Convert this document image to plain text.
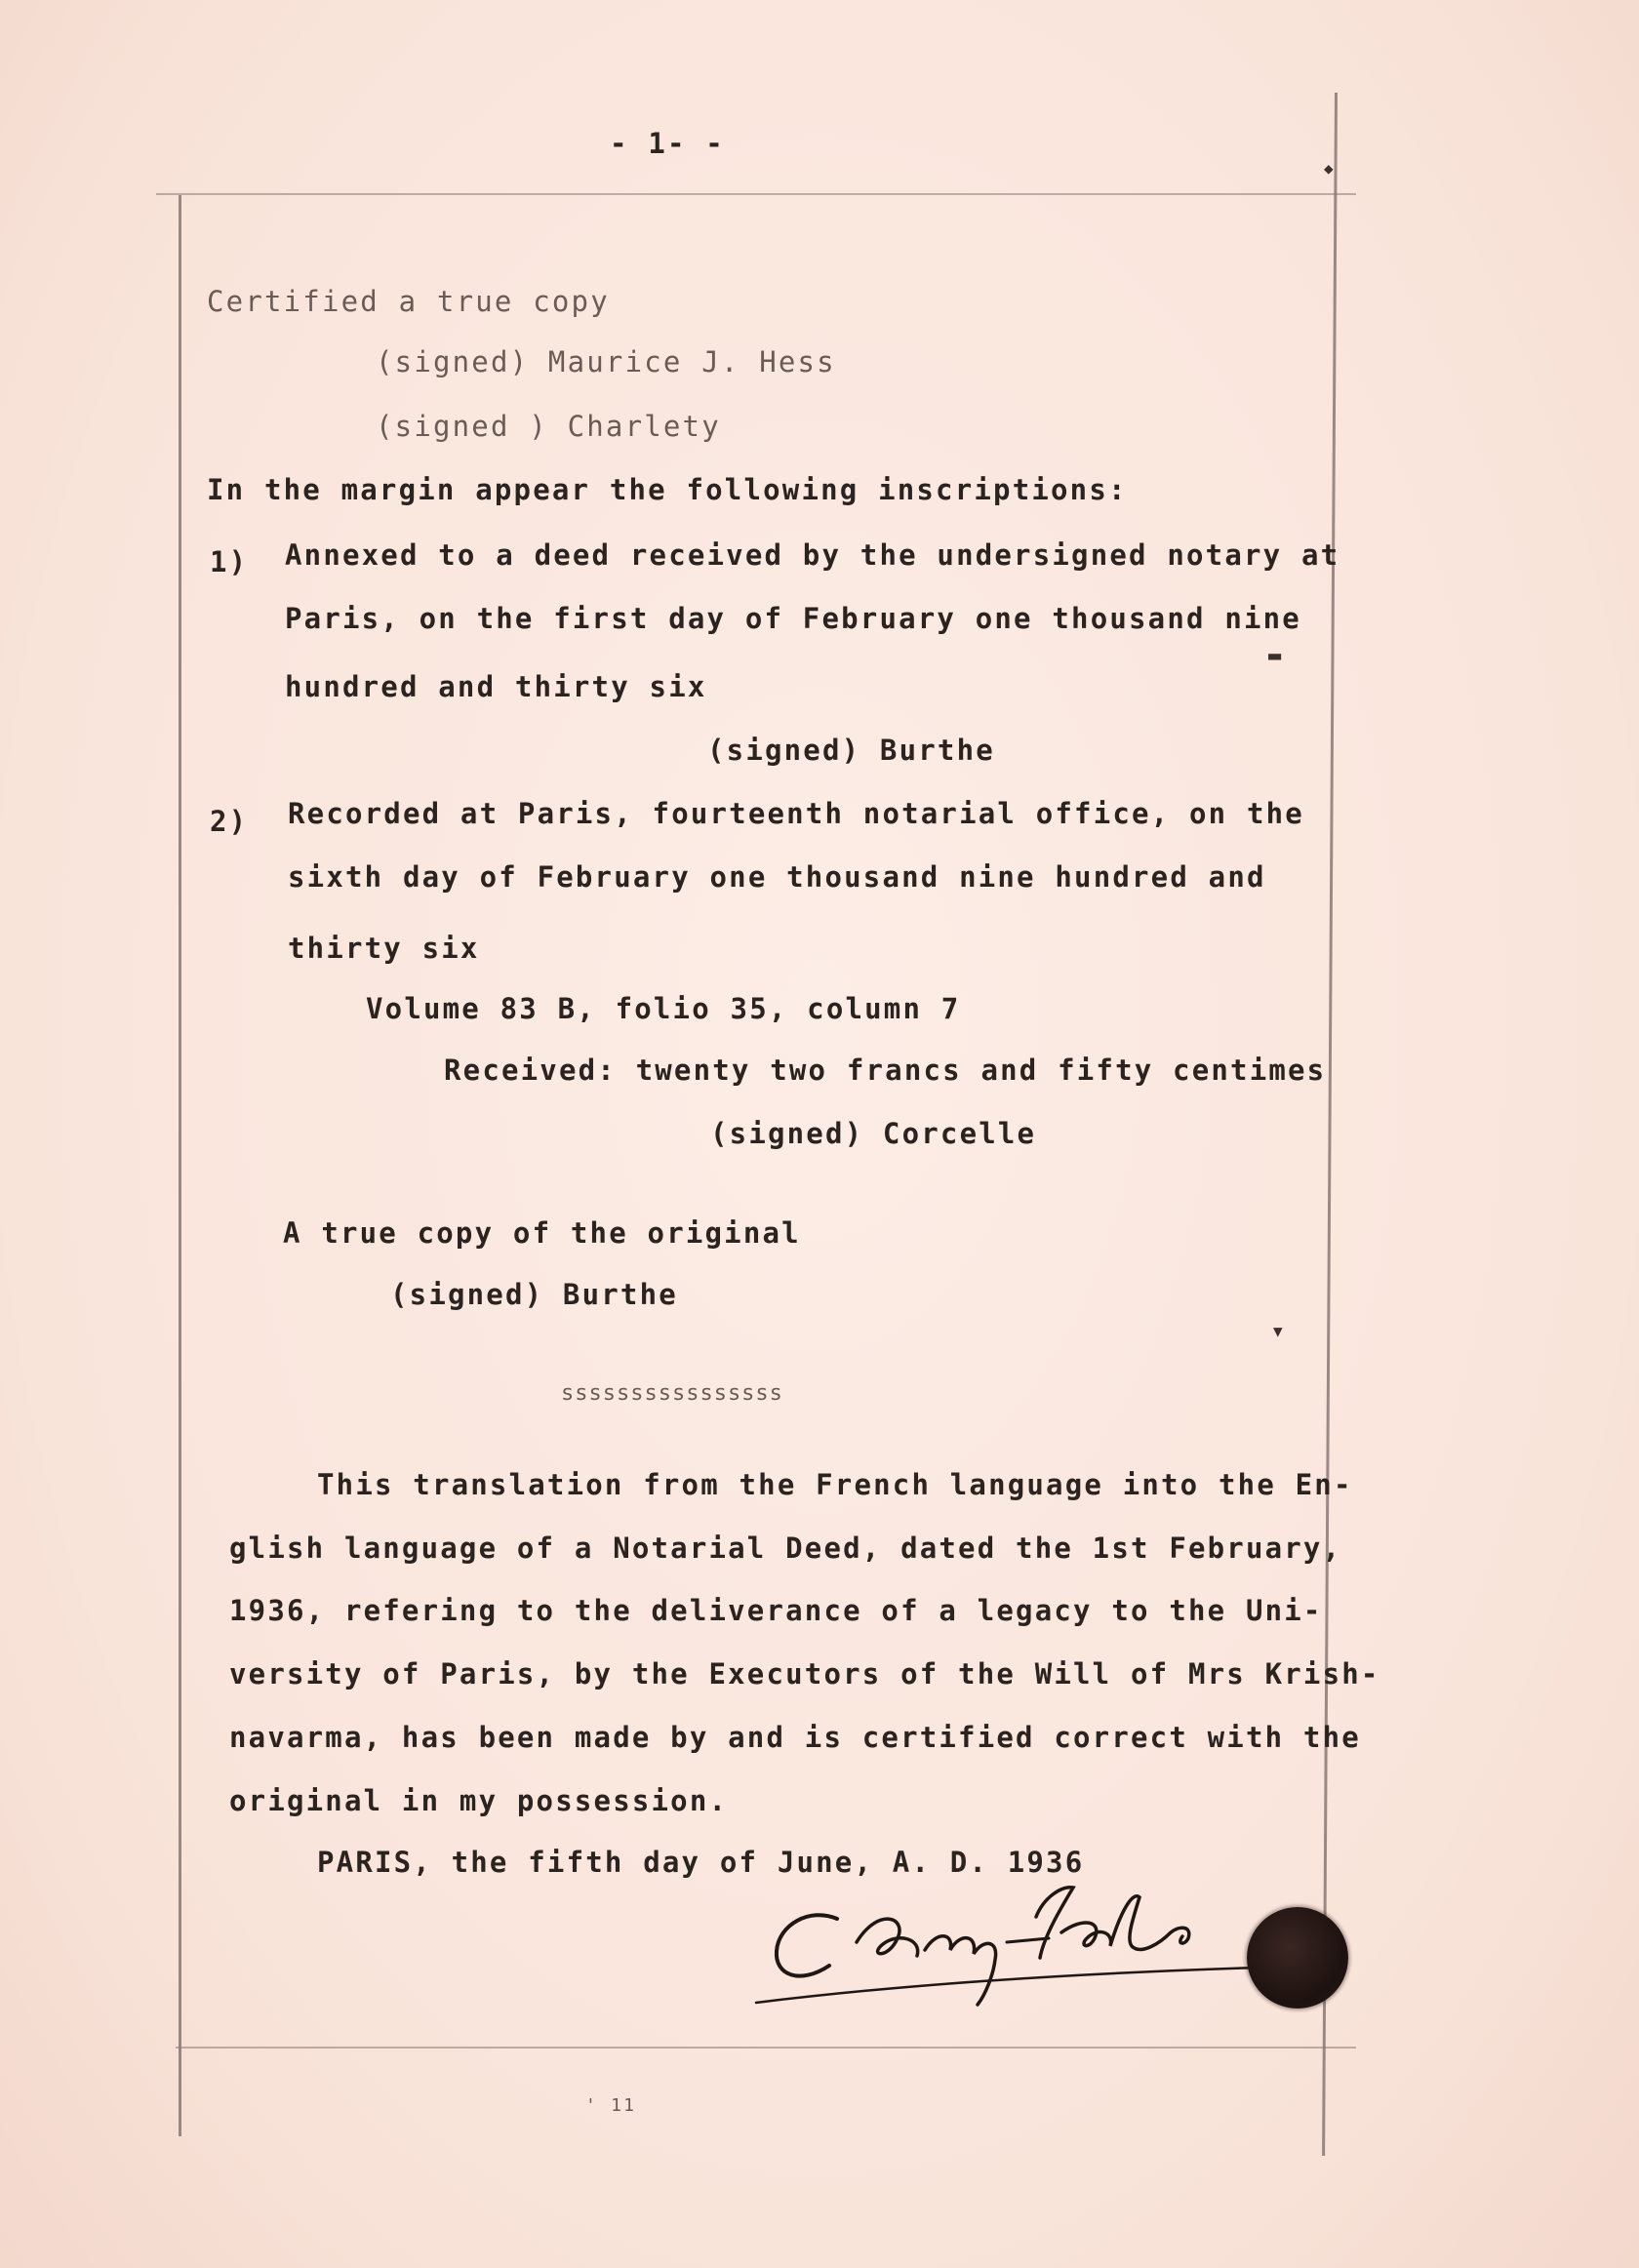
- 1- -
Certified a true copy
(signed) Maurice J. Hess
(signed ) Charlety
In the margin appear the following inscriptions:
1) Annexed to a deed received by the undersigned notary at
Paris, on the first day of February one thousand nine
hundred and thirty six
(signed) Burthe
2) Recorded at Paris, fourteenth notarial office, on the
sixth day of February one thousand nine hundred and
thirty six
Volume 83 B, folio 35, column 7
Received: twenty two francs and fifty centimes
(signed) Corcelle
A true copy of the original
(signed) Burthe
ssssssssssssssss
This translation from the French language into the En-
glish language of a Notarial Deed, dated the 1st February,
1936, refering to the deliverance of a legacy to the Uni-
versity of Paris, by the Executors of the Will of Mrs Krish-
navarma, has been made by and is certified correct with the
original in my possession.
PARIS, the fifth day of June, A. D. 1936
▬
▼
◆
' 11
